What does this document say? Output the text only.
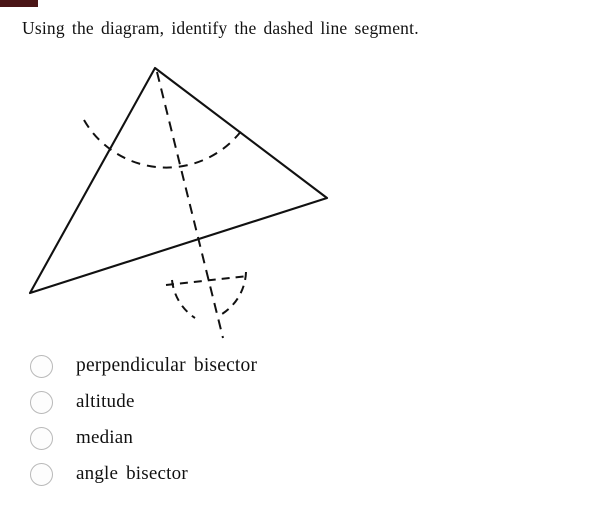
Using the diagram, identify the dashed line segment.
perpendicular bisector
altitude
median
angle bisector
